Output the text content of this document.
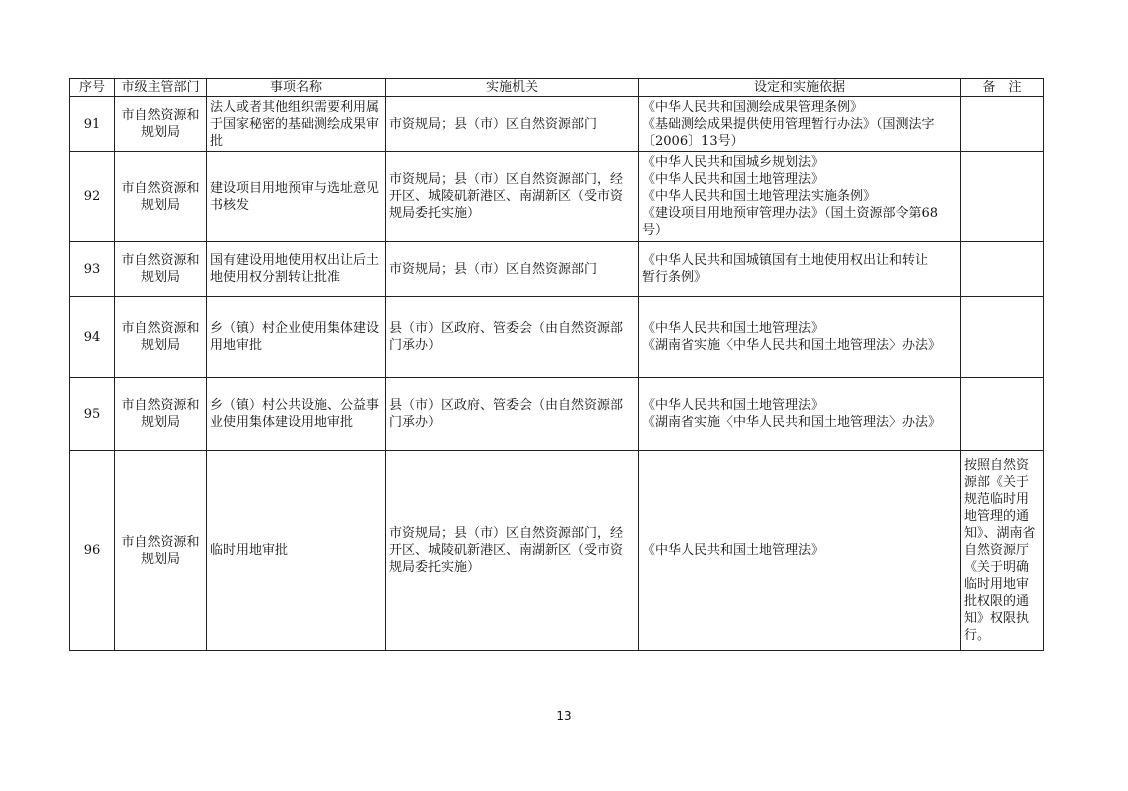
序号	市级主管部门	事项名称	实施机关	设定和实施依据	备　注
91	市自然资源和规划局	法人或者其他组织需要利用属于国家秘密的基础测绘成果审批	市资规局；县（市）区自然资源部门	《中华人民共和国测绘成果管理条例》
《基础测绘成果提供使用管理暂行办法》（国测法字
〔2006〕13号）	

92	市自然资源和规划局	建设项目用地预审与选址意见书核发	市资规局；县（市）区自然资源部门，经开区、城陵矶新港区、南湖新区（受市资规局委托实施）	《中华人民共和国城乡规划法》
《中华人民共和国土地管理法》
《中华人民共和国土地管理法实施条例》
《建设项目用地预审管理办法》（国土资源部令第68
号）	

93	市自然资源和规划局	国有建设用地使用权出让后土地使用权分割转让批准	市资规局；县（市）区自然资源部门	《中华人民共和国城镇国有土地使用权出让和转让
暂行条例》	

94	市自然资源和规划局	乡（镇）村企业使用集体建设用地审批	县（市）区政府、管委会（由自然资源部门承办）	《中华人民共和国土地管理法》
《湖南省实施〈中华人民共和国土地管理法〉办法》	

95	市自然资源和规划局	乡（镇）村公共设施、公益事业使用集体建设用地审批	县（市）区政府、管委会（由自然资源部门承办）	《中华人民共和国土地管理法》
《湖南省实施〈中华人民共和国土地管理法〉办法》	

96	市自然资源和规划局	临时用地审批	市资规局；县（市）区自然资源部门，经开区、城陵矶新港区、南湖新区（受市资规局委托实施）	《中华人民共和国土地管理法》	按照自然资源部《关于规范临时用地管理的通知》、湖南省自然资源厅《关于明确临时用地审批权限的通知》权限执行。
13
